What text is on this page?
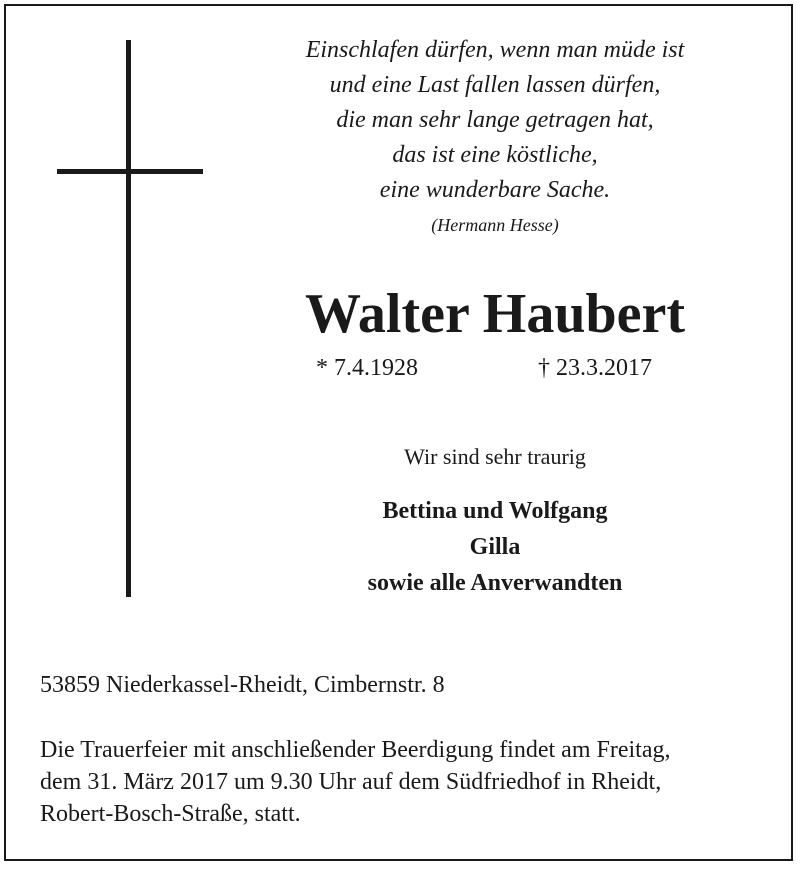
Einschlafen dürfen, wenn man müde ist
und eine Last fallen lassen dürfen,
die man sehr lange getragen hat,
das ist eine köstliche,
eine wunderbare Sache.
(Hermann Hesse)
Walter Haubert
* 7.4.1928	† 23.3.2017
Wir sind sehr traurig
Bettina und Wolfgang
Gilla
sowie alle Anverwandten
53859 Niederkassel-Rheidt, Cimbernstr. 8
Die Trauerfeier mit anschließender Beerdigung findet am Freitag,
dem 31. März 2017 um 9.30 Uhr auf dem Südfriedhof in Rheidt,
Robert-Bosch-Straße, statt.
